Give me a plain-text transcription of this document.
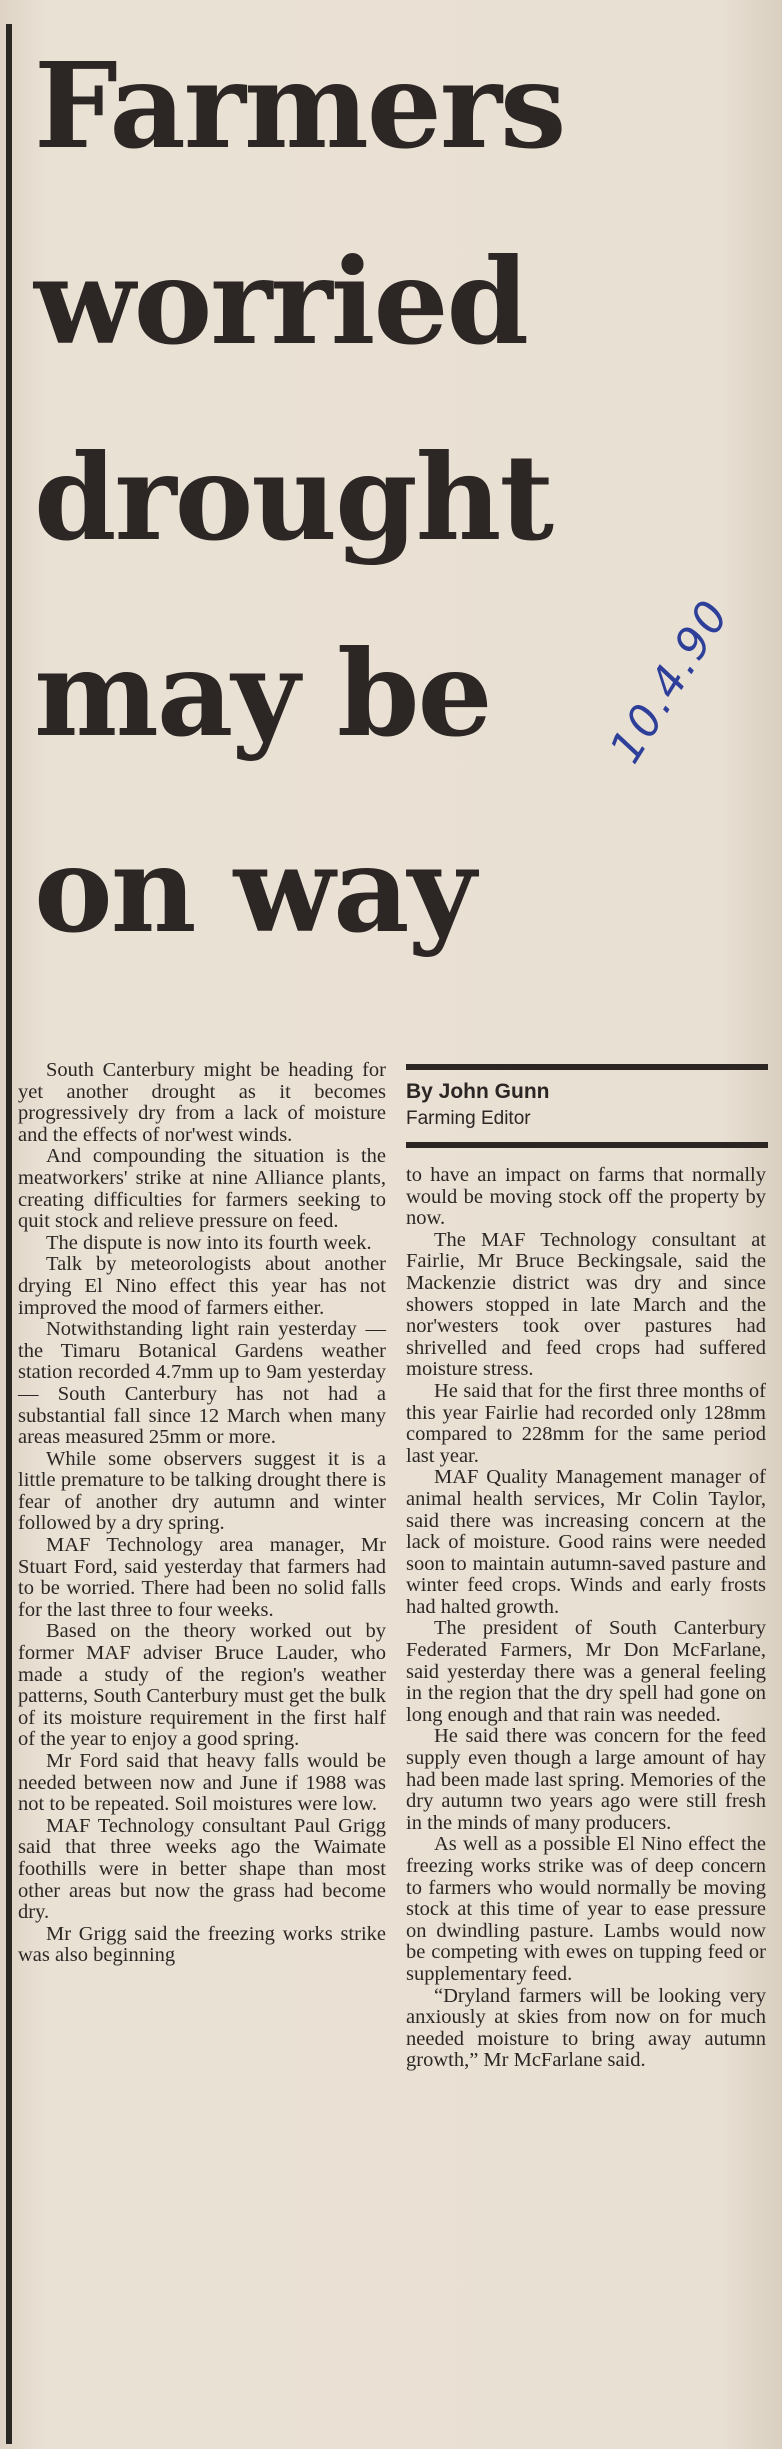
Farmers
worried
drought
may be
on way
10.4.90

South Canterbury might be heading for yet another drought as it becomes progressively dry from a lack of moisture and the effects of nor'west winds.

And compounding the situation is the meatworkers' strike at nine Alliance plants, creating difficulties for farmers seeking to quit stock and relieve pressure on feed.

The dispute is now into its fourth week.

Talk by meteorologists about another drying El Nino effect this year has not improved the mood of farmers either.

Notwithstanding light rain yesterday — the Timaru Botanical Gardens weather station recorded 4.7mm up to 9am yesterday — South Canterbury has not had a substantial fall since 12 March when many areas measured 25mm or more.

While some observers suggest it is a little premature to be talking drought there is fear of another dry autumn and winter followed by a dry spring.

MAF Technology area manager, Mr Stuart Ford, said yesterday that farmers had to be worried. There had been no solid falls for the last three to four weeks.

Based on the theory worked out by former MAF adviser Bruce Lauder, who made a study of the region's weather patterns, South Canterbury must get the bulk of its moisture requirement in the first half of the year to enjoy a good spring.

Mr Ford said that heavy falls would be needed between now and June if 1988 was not to be repeated. Soil moistures were low.

MAF Technology consultant Paul Grigg said that three weeks ago the Waimate foothills were in better shape than most other areas but now the grass had become dry.

Mr Grigg said the freezing works strike was also beginning

By John Gunn
Farming Editor

to have an impact on farms that normally would be moving stock off the property by now.

The MAF Technology consultant at Fairlie, Mr Bruce Beckingsale, said the Mackenzie district was dry and since showers stopped in late March and the nor'westers took over pastures had shrivelled and feed crops had suffered moisture stress.

He said that for the first three months of this year Fairlie had recorded only 128mm compared to 228mm for the same period last year.

MAF Quality Management manager of animal health services, Mr Colin Taylor, said there was increasing concern at the lack of moisture. Good rains were needed soon to maintain autumn-saved pasture and winter feed crops. Winds and early frosts had halted growth.

The president of South Canterbury Federated Farmers, Mr Don McFarlane, said yesterday there was a general feeling in the region that the dry spell had gone on long enough and that rain was needed.

He said there was concern for the feed supply even though a large amount of hay had been made last spring. Memories of the dry autumn two years ago were still fresh in the minds of many producers.

As well as a possible El Nino effect the freezing works strike was of deep concern to farmers who would normally be moving stock at this time of year to ease pressure on dwindling pasture. Lambs would now be competing with ewes on tupping feed or supplementary feed.

“Dryland farmers will be looking very anxiously at skies from now on for much needed moisture to bring away autumn growth,” Mr McFarlane said.
